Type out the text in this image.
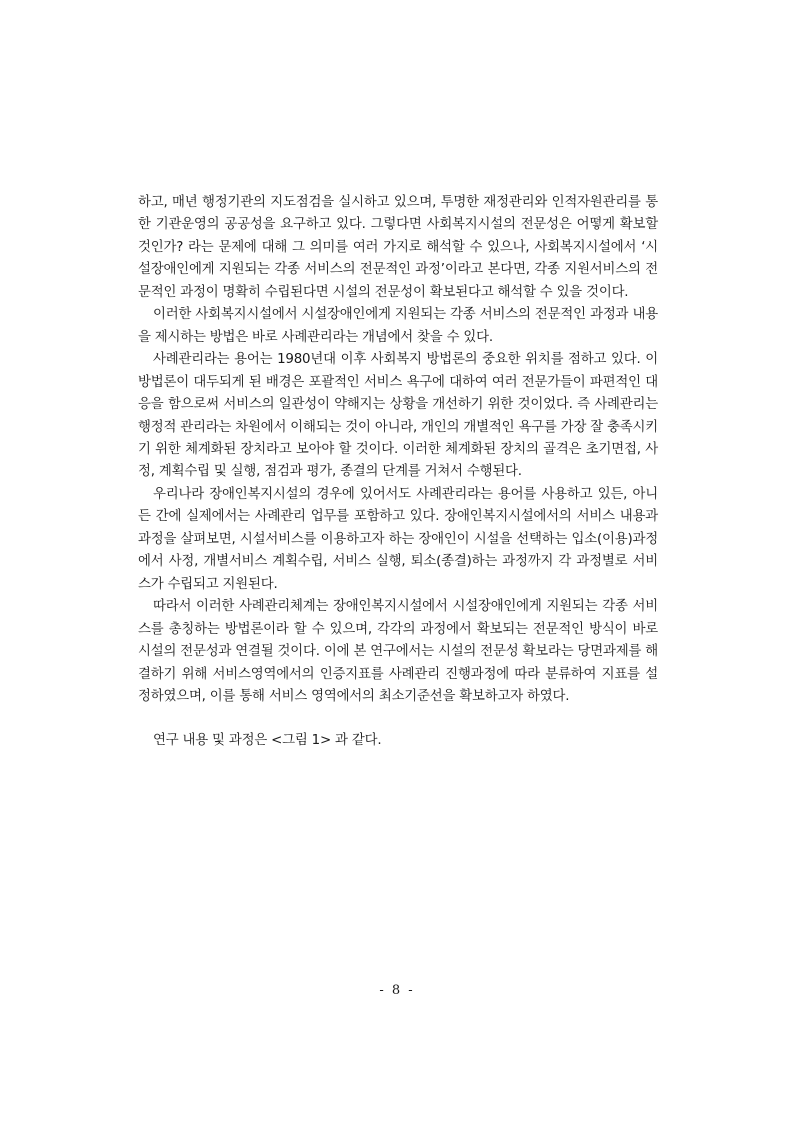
하고, 매년 행정기관의 지도점검을 실시하고 있으며, 투명한 재정관리와 인적자원관리를 통한 기관운영의 공공성을 요구하고 있다. 그렇다면 사회복지시설의 전문성은 어떻게 확보할 것인가? 라는 문제에 대해 그 의미를 여러 가지로 해석할 수 있으나, 사회복지시설에서 ‘시설장애인에게 지원되는 각종 서비스의 전문적인 과정’이라고 본다면, 각종 지원서비스의 전문적인 과정이 명확히 수립된다면 시설의 전문성이 확보된다고 해석할 수 있을 것이다.

이러한 사회복지시설에서 시설장애인에게 지원되는 각종 서비스의 전문적인 과정과 내용을 제시하는 방법은 바로 사례관리라는 개념에서 찾을 수 있다.

사례관리라는 용어는 1980년대 이후 사회복지 방법론의 중요한 위치를 점하고 있다. 이 방법론이 대두되게 된 배경은 포괄적인 서비스 욕구에 대하여 여러 전문가들이 파편적인 대응을 함으로써 서비스의 일관성이 약해지는 상황을 개선하기 위한 것이었다. 즉 사례관리는 행정적 관리라는 차원에서 이해되는 것이 아니라, 개인의 개별적인 욕구를 가장 잘 충족시키기 위한 체계화된 장치라고 보아야 할 것이다. 이러한 체계화된 장치의 골격은 초기면접, 사정, 계획수립 및 실행, 점검과 평가, 종결의 단계를 거쳐서 수행된다.

우리나라 장애인복지시설의 경우에 있어서도 사례관리라는 용어를 사용하고 있든, 아니든 간에 실제에서는 사례관리 업무를 포함하고 있다. 장애인복지시설에서의 서비스 내용과 과정을 살펴보면, 시설서비스를 이용하고자 하는 장애인이 시설을 선택하는 입소(이용)과정에서 사정, 개별서비스 계획수립, 서비스 실행, 퇴소(종결)하는 과정까지 각 과정별로 서비스가 수립되고 지원된다.

따라서 이러한 사례관리체계는 장애인복지시설에서 시설장애인에게 지원되는 각종 서비스를 총칭하는 방법론이라 할 수 있으며, 각각의 과정에서 확보되는 전문적인 방식이 바로 시설의 전문성과 연결될 것이다. 이에 본 연구에서는 시설의 전문성 확보라는 당면과제를 해결하기 위해 서비스영역에서의 인증지표를 사례관리 진행과정에 따라 분류하여 지표를 설정하였으며, 이를 통해 서비스 영역에서의 최소기준선을 확보하고자 하였다.

연구 내용 및 과정은 <그림 1> 과 같다.

- 8 -
